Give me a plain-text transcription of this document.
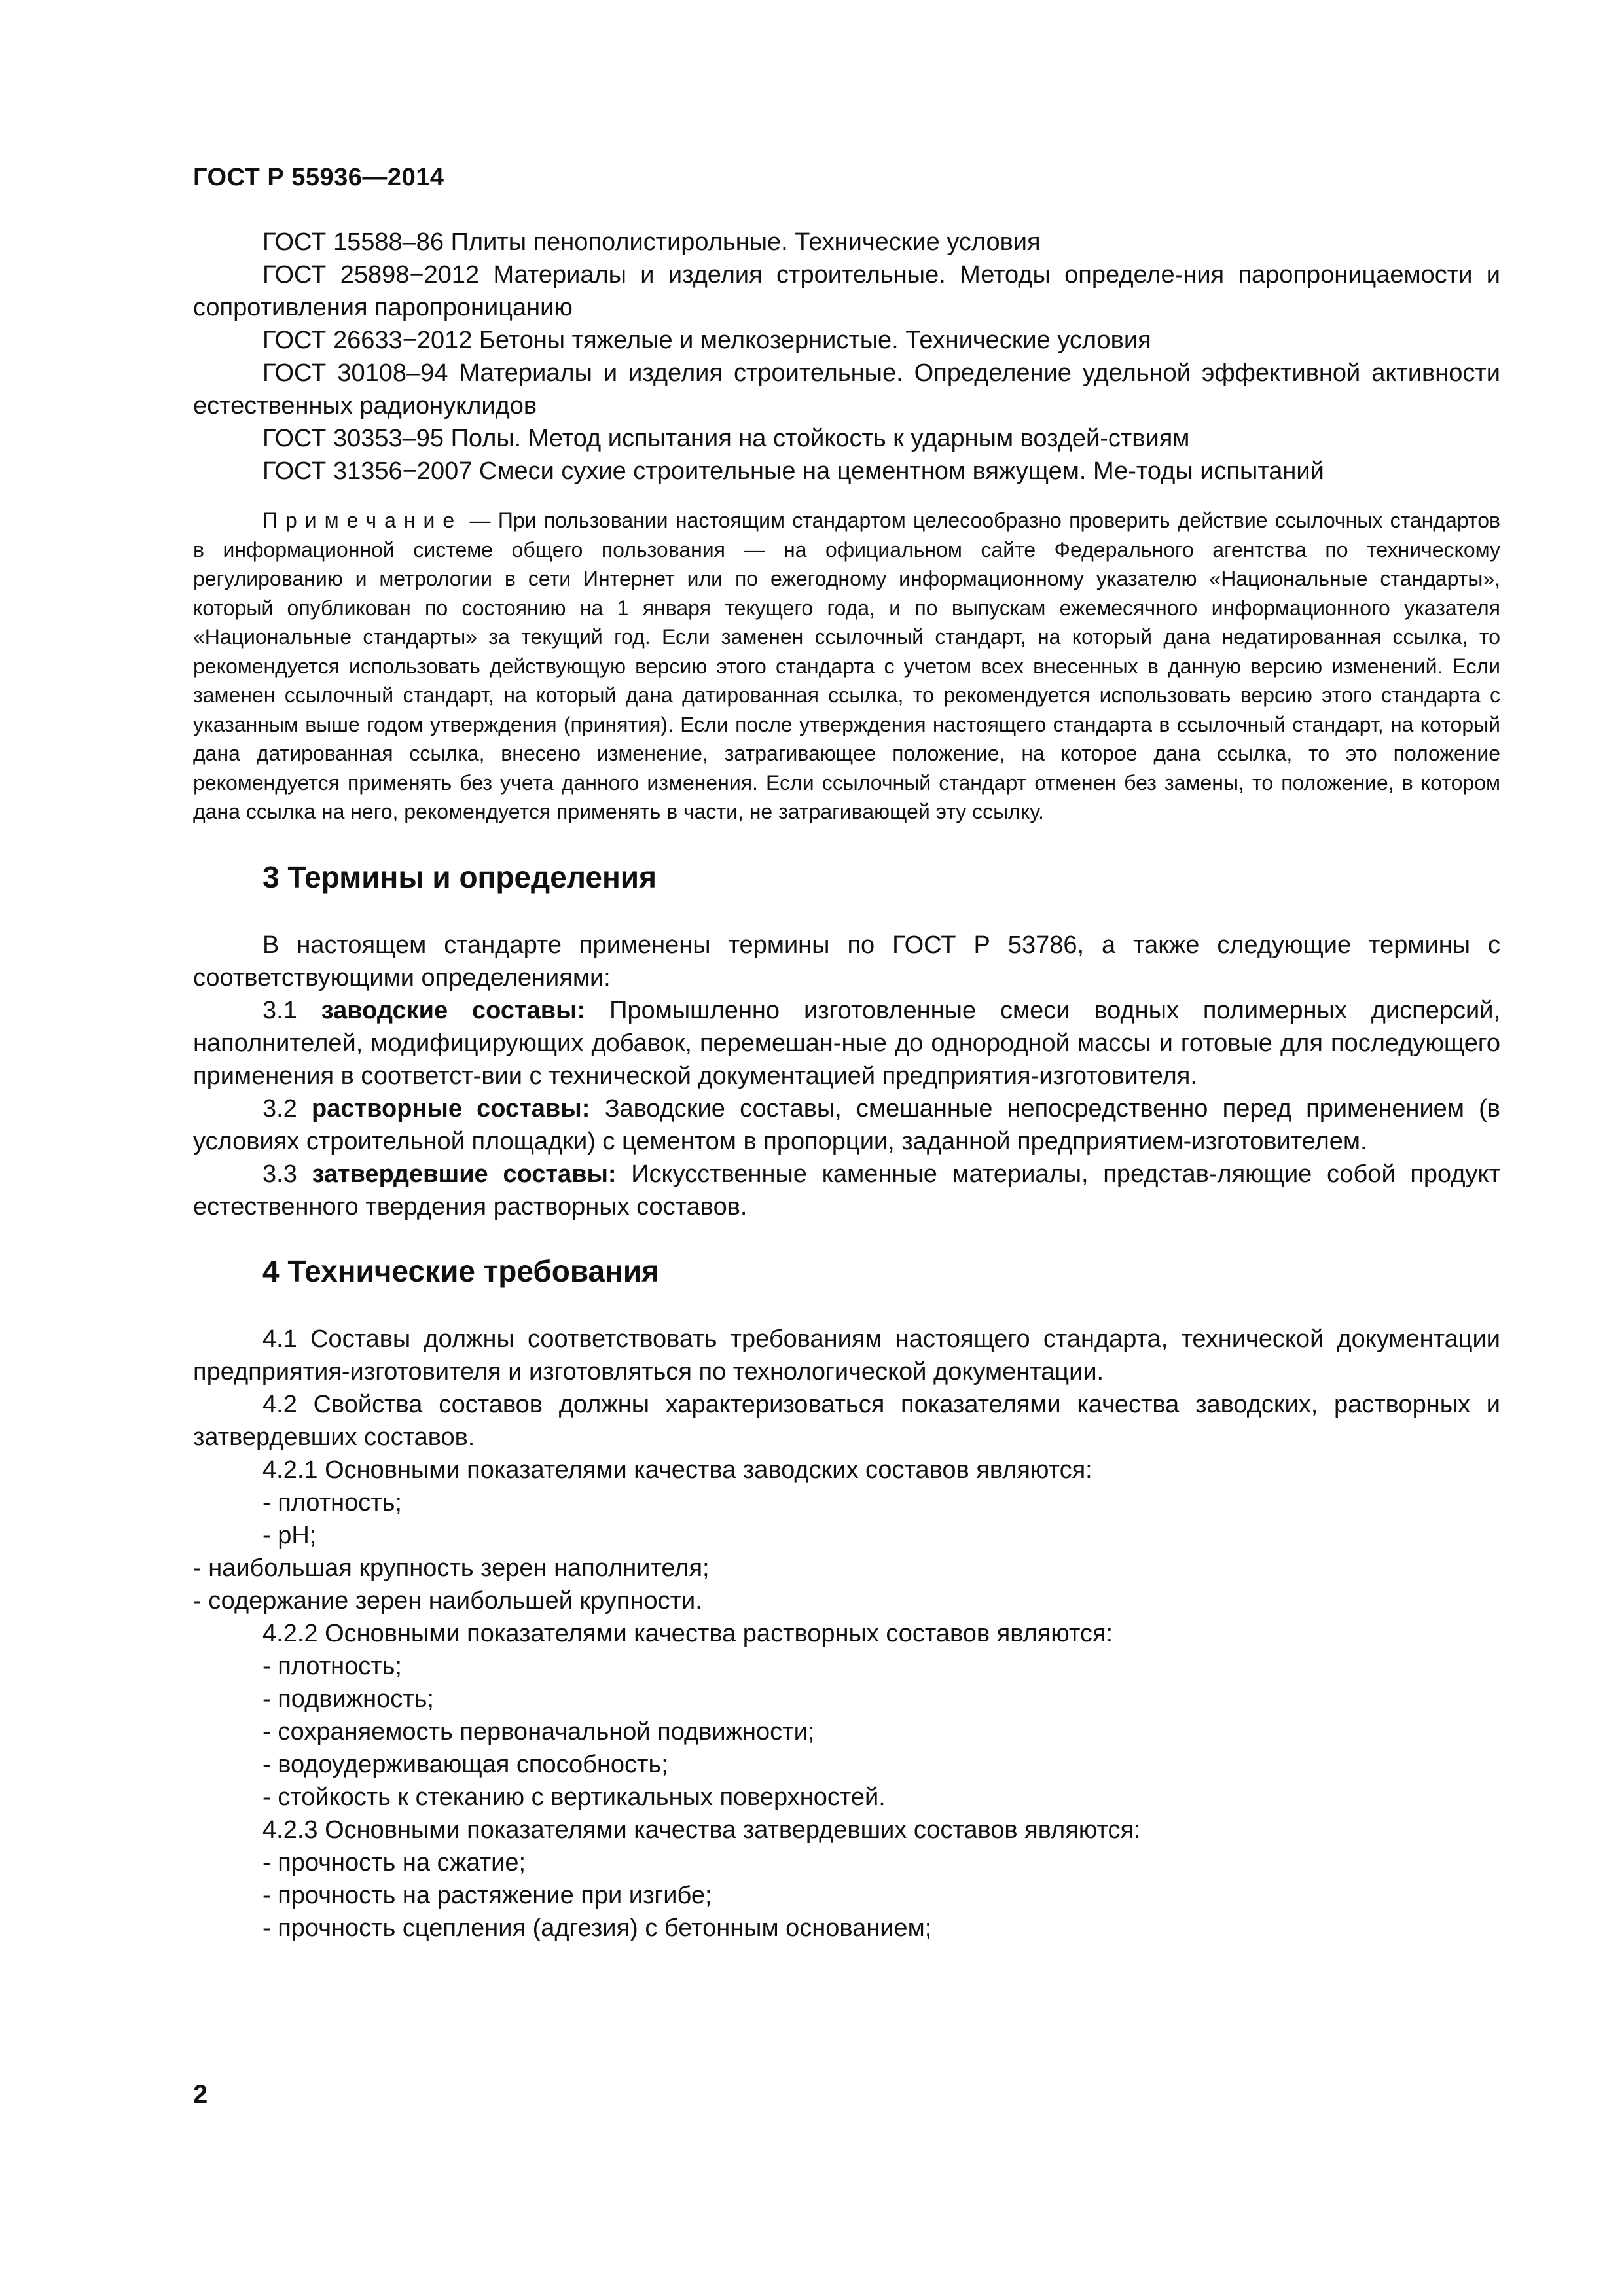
ГОСТ Р 55936—2014

ГОСТ 15588–86 Плиты пенополистирольные. Технические условия

ГОСТ 25898−2012 Материалы и изделия строительные. Методы определе-ния паропроницаемости и сопротивления паропроницанию

ГОСТ 26633−2012 Бетоны тяжелые и мелкозернистые. Технические условия

ГОСТ 30108–94 Материалы и изделия строительные. Определение удельной эффективной активности естественных радионуклидов

ГОСТ 30353–95 Полы. Метод испытания на стойкость к ударным воздей-ствиям

ГОСТ 31356−2007 Смеси сухие строительные на цементном вяжущем. Ме-тоды испытаний

Примечание — При пользовании настоящим стандартом целесообразно проверить действие ссылочных стандартов в информационной системе общего пользования — на официальном сайте Федерального агентства по техническому регулированию и метрологии в сети Интернет или по ежегодному информационному указателю «Национальные стандарты», который опубликован по состоянию на 1 января текущего года, и по выпускам ежемесячного информационного указателя «Национальные стандарты» за текущий год. Если заменен ссылочный стандарт, на который дана недатированная ссылка, то рекомендуется использовать действующую версию этого стандарта с учетом всех внесенных в данную версию изменений. Если заменен ссылочный стандарт, на который дана датированная ссылка, то рекомендуется использовать версию этого стандарта с указанным выше годом утверждения (принятия). Если после утверждения настоящего стандарта в ссылочный стандарт, на который дана датированная ссылка, внесено изменение, затрагивающее положение, на которое дана ссылка, то это положение рекомендуется применять без учета данного изменения. Если ссылочный стандарт отменен без замены, то положение, в котором дана ссылка на него, рекомендуется применять в части, не затрагивающей эту ссылку.
3 Термины и определения

В настоящем стандарте применены термины по ГОСТ Р 53786, а также следующие термины с соответствующими определениями:

3.1 заводские составы: Промышленно изготовленные смеси водных полимерных дисперсий, наполнителей, модифицирующих добавок, перемешан-ные до однородной массы и готовые для последующего применения в соответст-вии с технической документацией предприятия-изготовителя.

3.2 растворные составы: Заводские составы, смешанные непосредственно перед применением (в условиях строительной площадки) с цементом в пропорции, заданной предприятием-изготовителем.

3.3 затвердевшие составы: Искусственные каменные материалы, представ-ляющие собой продукт естественного твердения растворных составов.

4 Технические требования

4.1 Составы должны соответствовать требованиям настоящего стандарта, технической документации предприятия-изготовителя и изготовляться по технологической документации.

4.2 Свойства составов должны характеризоваться показателями качества заводских, растворных и затвердевших составов.

4.2.1 Основными показателями качества заводских составов являются:

- плотность;
- pH;
- наибольшая крупность зерен наполнителя;
- содержание зерен наибольшей крупности.

4.2.2 Основными показателями качества растворных составов являются:

- плотность;
- подвижность;
- сохраняемость первоначальной подвижности;
- водоудерживающая способность;
- стойкость к стеканию с вертикальных поверхностей.

4.2.3 Основными показателями качества затвердевших составов являются:

- прочность на сжатие;
- прочность на растяжение при изгибе;
- прочность сцепления (адгезия) с бетонным основанием;
2
